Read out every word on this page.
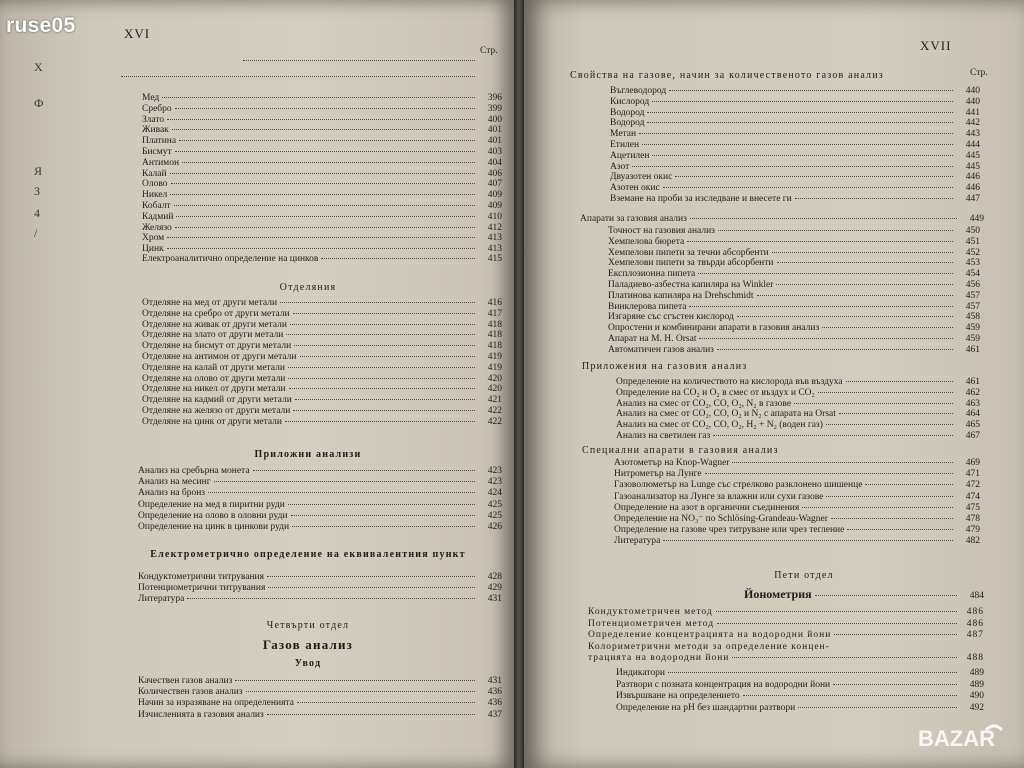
XVI
Стр.
X
Ф
Я
З
4
/
Мед	396
Сребро	399
Злато	400
Живак	401
Платина	401
Бисмут	403
Антимон	404
Калай	406
Олово	407
Никел	409
Кобалт	409
Кадмий	410
Желязо	412
Хром	413
Цинк	413
Електроаналитично определение на цинков	415
Отделяния
Отделяне на мед от други метали	416
Отделяне на сребро от други метали	417
Отделяне на живак от други метали	418
Отделяне на злато от други метали	418
Отделяне на бисмут от други метали	418
Отделяне на антимон от други метали	419
Отделяне на калай от други метали	419
Отделяне на олово от други метали	420
Отделяне на никел от други метали	420
Отделяне на кадмий от други метали	421
Отделяне на желязо от други метали	422
Отделяне на цинк от други метали	422
Приложни анализи
Анализ на сребърна монета	423
Анализ на месинг	423
Анализ на бронз	424
Определение на мед в пиритни руди	425
Определение на олово в оловни руди	425
Определение на цинк в цинкови руди	426
Електрометрично определение на еквивалентния пункт
Кондуктометрични титрувания	428
Потенциометрични титрувания	429
Литература	431
Четвърти отдел
Газов анализ
Увод
Качествен газов анализ	431
Количествен газов анализ	436
Начин за изразяване на определенията	436
Изчисленията в газовия анализ	437
XVII
Стр.
Свойства на газове, начин за количественото газов анализ
Въглеводород	440
Кислород	440
Водород	441
Водород	442
Метан	443
Етилен	444
Ацетилен	445
Азот	445
Двуазотен окис	446
Азотен окис	446
Вземане на проби за изследване и внесете ги	447
Апарати за газовия анализ	449
Точност на газовия анализ	450
Хемпелова бюрета	451
Хемпелови пипети за течни абсорбенти	452
Хемпелови пипети за твърди абсорбенти	453
Експлозионна пипета	454
Паладиево-азбестна капиляра на Winkler	456
Платинова капиляра на Drehschmidt	457
Винклерова пипета	457
Изгаряне със сгъстен кислород	458
Опростени и комбинирани апарати в газовия анализ	459
Апарат на М. Н. Orsat	459
Автоматичен газов анализ	461
Приложения на газовия анализ
Определение на количеството на кислорода във въздуха	461
Определение на CO₂ и O₂ в смес от въздух и CO₂	462
Анализ на смес от CO₂, CO, O₂, N₂ в газове	463
Анализ на смес от CO₂, CO, O₂ и N₂ с апарата на Orsat	464
Анализ на смес от CO₂, CO, O₂, H₂ + N₂ (воден газ)	465
Анализ на светилен газ	467
Специални апарати в газовия анализ
Азотометър на Knop-Wagner	469
Нитрометър на Лунге	471
Газоволюметър на Lunge със стрелково разклонено шишенце	472
Газоанализатор на Лунге за влажни или сухи газове	474
Определение на азот в органични съединения	475
Определение на NO₃⁻ по Schlösing-Grandeau-Wagner	478
Определение на газове чрез титруване или чрез тегление	479
Литература	482
Пети отдел
Йонометрия	484
Кондуктометричен метод	486
Потенциометричен метод	486
Определение концентрацията на водородни йони	487
Колориметрични методи за определение концен-
трацията на водородни йони	488
Индикатори	489
Разтвори с позната концентрация на водородни йони	489
Извършване на определението	490
Определение на pH без шандартни разтвори	492
ruse05
BAZAR
